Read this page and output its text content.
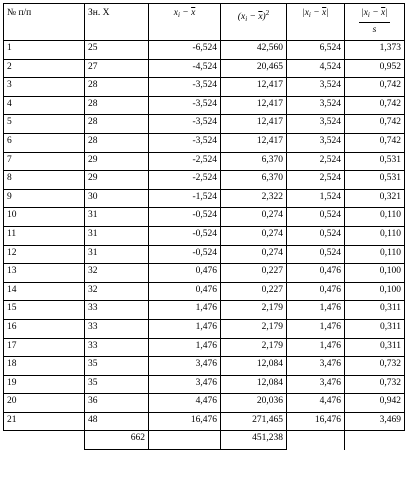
№ п/п	Зн. X	$x_i - \overline{x}$	$(x_i - \overline{x})^2$	$|x_i - \overline{x}|$	$\frac{|x_i - \overline{x}|}{s}$

1	25	-6,524	42,560	6,524	1,373
2	27	-4,524	20,465	4,524	0,952
3	28	-3,524	12,417	3,524	0,742
4	28	-3,524	12,417	3,524	0,742
5	28	-3,524	12,417	3,524	0,742
6	28	-3,524	12,417	3,524	0,742
7	29	-2,524	6,370	2,524	0,531
8	29	-2,524	6,370	2,524	0,531
9	30	-1,524	2,322	1,524	0,321
10	31	-0,524	0,274	0,524	0,110
11	31	-0,524	0,274	0,524	0,110
12	31	-0,524	0,274	0,524	0,110
13	32	0,476	0,227	0,476	0,100
14	32	0,476	0,227	0,476	0,100
15	33	1,476	2,179	1,476	0,311
16	33	1,476	2,179	1,476	0,311
17	33	1,476	2,179	1,476	0,311
18	35	3,476	12,084	3,476	0,732
19	35	3,476	12,084	3,476	0,732
20	36	4,476	20,036	4,476	0,942
21	48	16,476	271,465	16,476	3,469
	662		451,238		
